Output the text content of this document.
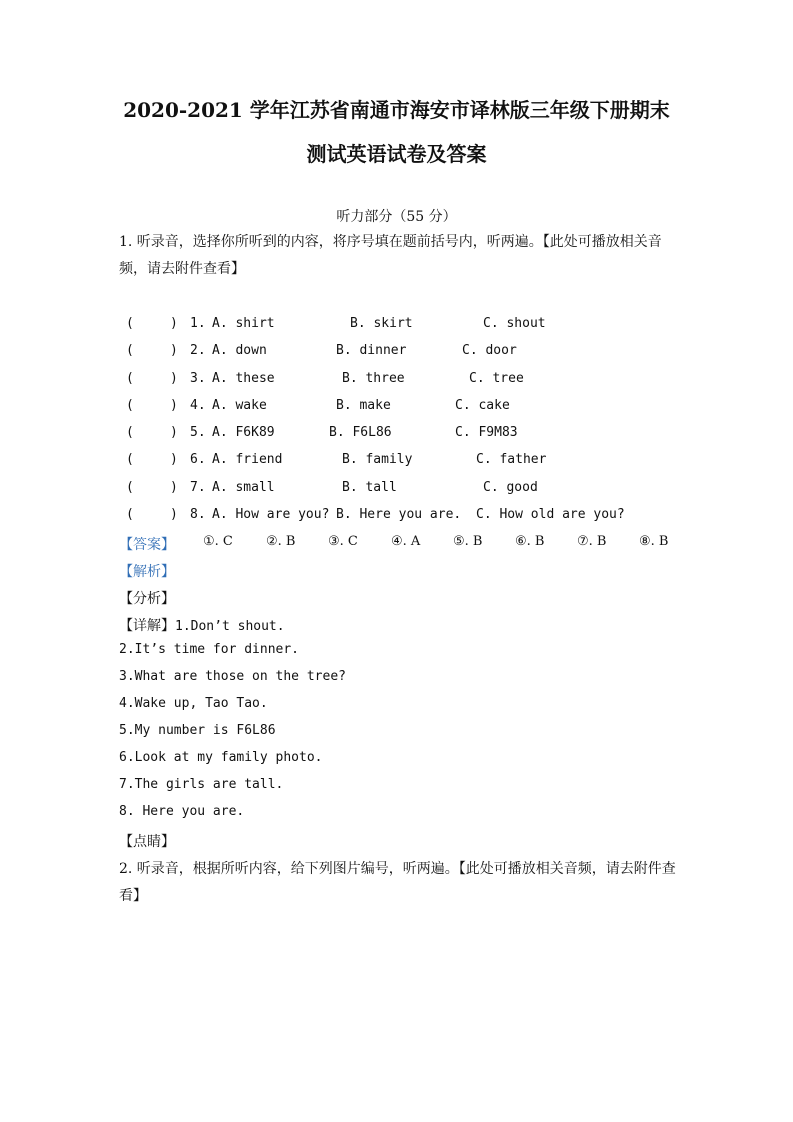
2020-2021 学年江苏省南通市海安市译林版三年级下册期末
测试英语试卷及答案
听力部分（55 分）
1. 听录音，选择你所听到的内容，将序号填在题前括号内，听两遍。【此处可播放相关音频，请去附件查看】
(	) 1. A. shirt	B. skirt	C. shout
(	) 2. A. down	B. dinner	C. door
(	) 3. A. these	B. three	C. tree
(	) 4. A. wake	B. make	C. cake
(	) 5. A. F6K89	B. F6L86	C. F9M83
(	) 6. A. friend	B. family	C. father
(	) 7. A. small	B. tall	C. good
(	) 8. A. How are you? B. Here you are. C. How old are you?
【答案】 ①. C	②. B	③. C	④. A	⑤. B	⑥. B	⑦. B	⑧. B
【解析】
【分析】
【详解】1.Don’t shout.
2.It’s time for dinner.
3.What are those on the tree?
4.Wake up, Tao Tao.
5.My number is F6L86
6.Look at my family photo.
7.The girls are tall.
8. Here you are.
【点睛】
2. 听录音，根据所听内容，给下列图片编号，听两遍。【此处可播放相关音频，请去附件查看】
